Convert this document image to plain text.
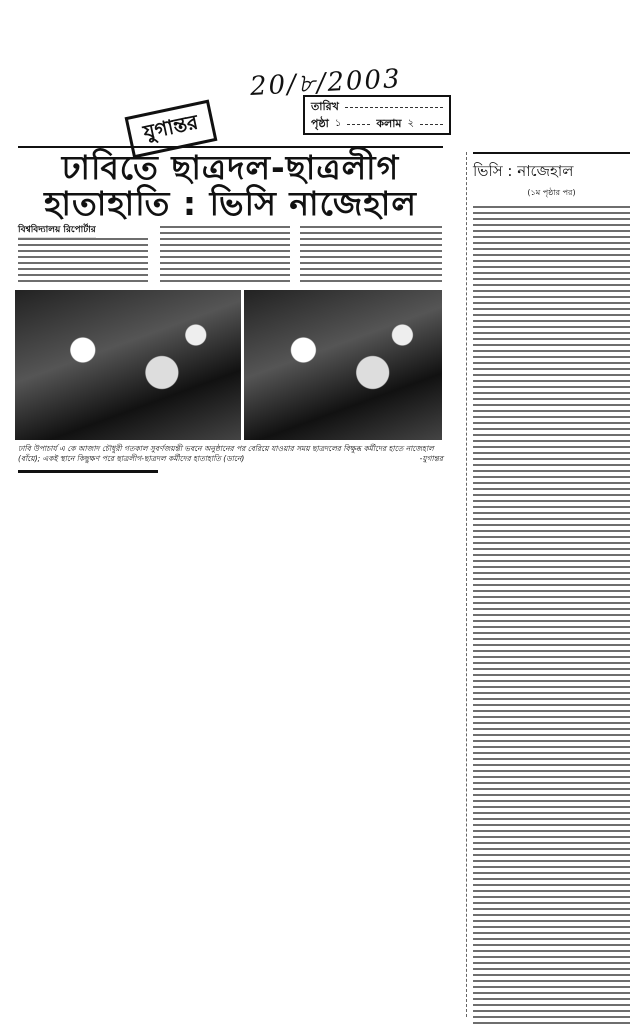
20/৮/2003
যুগান্তর
তারিখ
পৃষ্ঠা ১	কলাম ২
ঢাবিতে ছাত্রদল-ছাত্রলীগ
হাতাহাতি : ভিসি নাজেহাল
বিশ্ববিদ্যালয় রিপোর্টার
ঢাবি উপাচার্য এ কে আজাদ চৌধুরী গতকাল সুবর্ণজয়ন্তী ভবনে অনুষ্ঠানের পর বেরিয়ে যাওয়ার সময় ছাত্রদলের বিক্ষুব্ধ কর্মীদের হাতে নাজেহাল (বাঁয়ে); একই স্থানে কিছুক্ষণ পরে ছাত্রলীগ-ছাত্রদল কর্মীদের হাতাহাতি (ডানে)	-যুগান্তর
ভিসি : নাজেহাল
(১ম পৃষ্ঠার পর)
